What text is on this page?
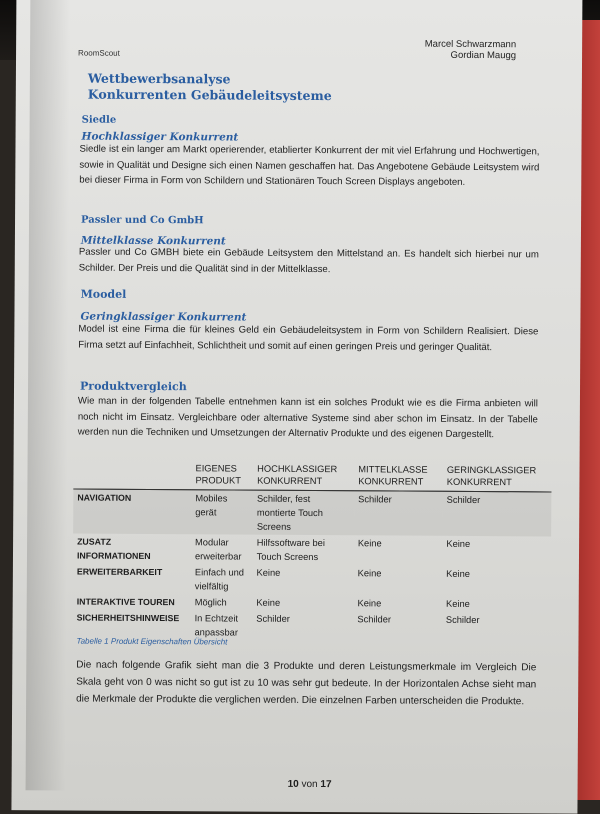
RoomScout
Marcel Schwarzmann
Gordian Maugg
Wettbewerbsanalyse
Konkurrenten Gebäudeleitsysteme
Siedle
Hochklassiger Konkurrent
Siedle ist ein langer am Markt operierender, etablierter Konkurrent der mit viel Erfahrung und Hochwertigen, sowie in Qualität und Designe sich einen Namen geschaffen hat. Das Angebotene Gebäude Leitsystem wird bei dieser Firma in Form von Schildern und Stationären Touch Screen Displays angeboten.
Passler und Co GmbH
Mittelklasse Konkurrent
Passler und Co GMBH biete ein Gebäude Leitsystem den Mittelstand an. Es handelt sich hierbei nur um Schilder. Der Preis und die Qualität sind in der Mittelklasse.
Moodel
Geringklassiger Konkurrent
Model ist eine Firma die für kleines Geld ein Gebäudeleitsystem in Form von Schildern Realisiert. Diese Firma setzt auf Einfachheit, Schlichtheit und somit auf einen geringen Preis und geringer Qualität.
Produktvergleich
Wie man in der folgenden Tabelle entnehmen kann ist ein solches Produkt wie es die Firma anbieten will noch nicht im Einsatz. Vergleichbare oder alternative Systeme sind aber schon im Einsatz. In der Tabelle werden nun die Techniken und Umsetzungen der Alternativ Produkte und des eigenen Dargestellt.
	EIGENES PRODUKT	HOCHKLASSIGER KONKURRENT	MITTELKLASSE KONKURRENT	GERINGKLASSIGER KONKURRENT
NAVIGATION	Mobiles gerät	Schilder, fest montierte Touch Screens	Schilder	Schilder
ZUSATZ INFORMATIONEN	Modular erweiterbar	Hilfssoftware bei Touch Screens	Keine	Keine
ERWEITERBARKEIT	Einfach und vielfältig	Keine	Keine	Keine
INTERAKTIVE TOUREN	Möglich	Keine	Keine	Keine
SICHERHEITSHINWEISE	In Echtzeit anpassbar	Schilder	Schilder	Schilder
Tabelle 1 Produkt Eigenschaften Übersicht
Die nach folgende Grafik sieht man die 3 Produkte und deren Leistungsmerkmale im Vergleich Die Skala geht von 0 was nicht so gut ist zu 10 was sehr gut bedeute. In der Horizontalen Achse sieht man die Merkmale der Produkte die verglichen werden. Die einzelnen Farben unterscheiden die Produkte.
10 von 17
